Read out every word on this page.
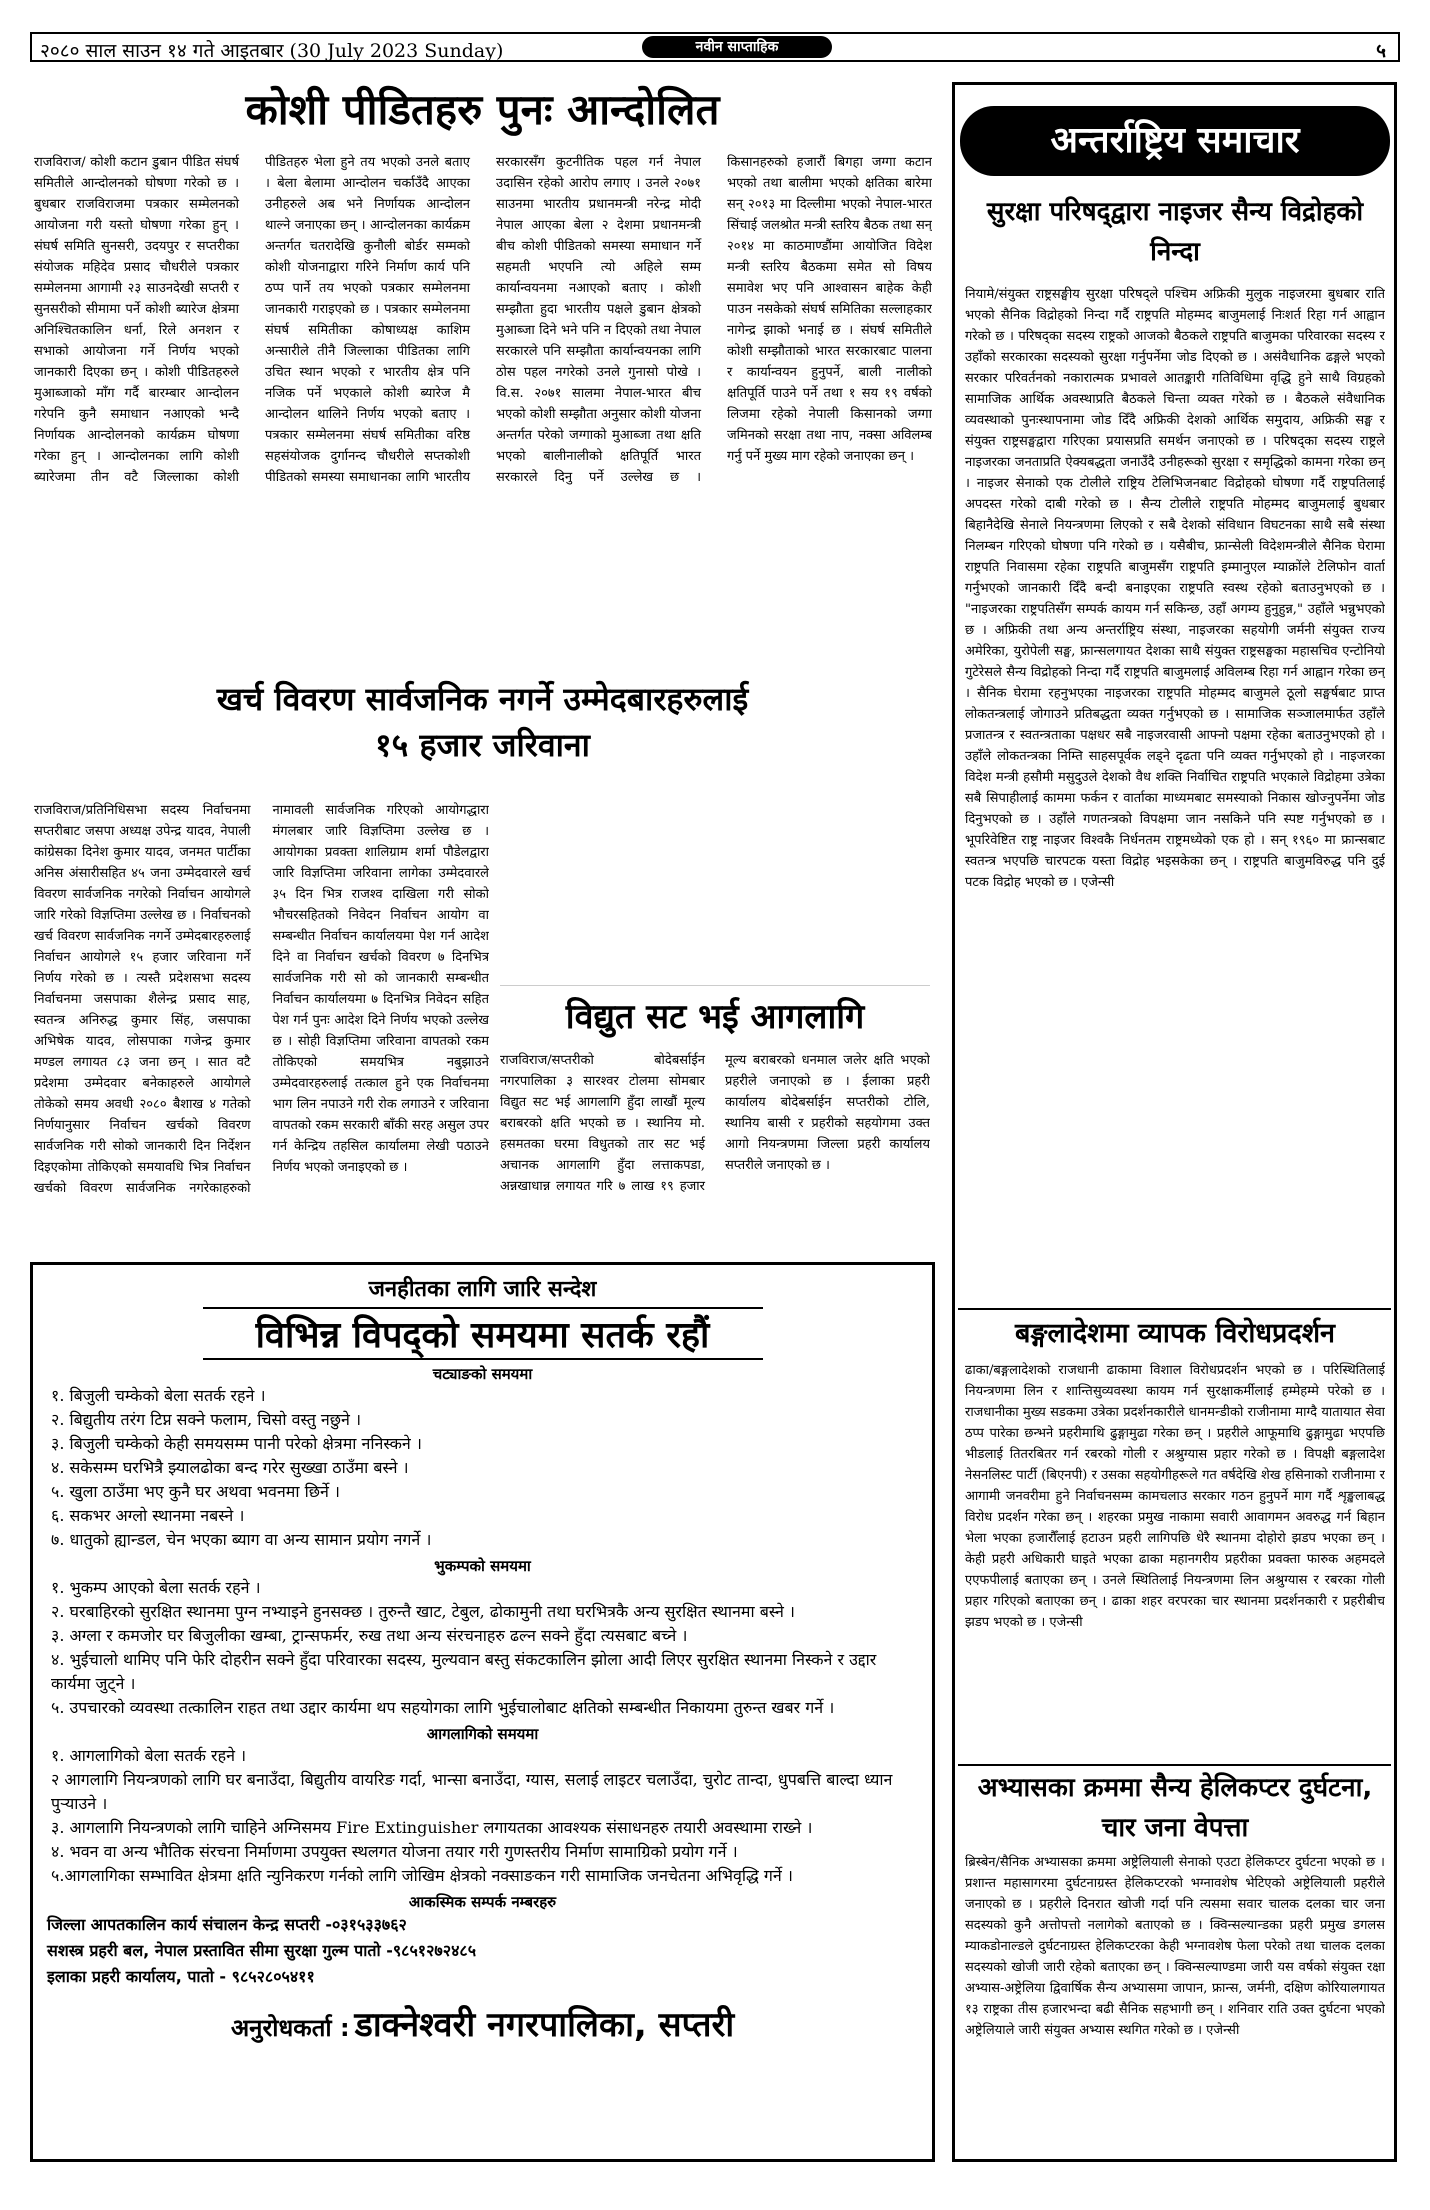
२०८० साल साउन १४ गते आइतबार (30 July 2023 Sunday)	नवीन साप्ताहिक	५
कोशी पीडितहरु पुनः आन्दोलित
राजविराज/ कोशी कटान डुबान पीडित संघर्ष समितीले आन्दोलनको घोषणा गरेको छ । बुधबार राजविराजमा पत्रकार सम्मेलनको आयोजना गरी यस्तो घोषणा गरेका हुन् । संघर्ष समिति सुनसरी, उदयपुर र सप्तरीका संयोजक महिदेव प्रसाद चौधरीले पत्रकार सम्मेलनमा आगामी २३ साउनदेखी सप्तरी र सुनसरीको सीमामा पर्ने कोशी ब्यारेज क्षेत्रमा अनिश्चितकालिन धर्ना, रिले अनशन र सभाको आयोजना गर्ने निर्णय भएको जानकारी दिएका छन् । कोशी पीडितहरुले मुआब्जाको माँग गर्दै बारम्बार आन्दोलन गरेपनि कुनै समाधान नआएको भन्दै निर्णायक आन्दोलनको कार्यक्रम घोषणा गरेका हुन् । आन्दोलनका लागि कोशी ब्यारेजमा तीन वटै जिल्लाका कोशी पीडितहरु भेला हुने तय भएको उनले बताए । बेला बेलामा आन्दोलन चर्काउँदै आएका उनीहरुले अब भने निर्णायक आन्दोलन थाल्ने जनाएका छन् । आन्दोलनका कार्यक्रम अन्तर्गत चतरादेखि कुनौली बोर्डर सम्मको कोशी योजनाद्वारा गरिने निर्माण कार्य पनि ठप्प पार्ने तय भएको पत्रकार सम्मेलनमा जानकारी गराइएको छ । पत्रकार सम्मेलनमा संघर्ष समितीका कोषाध्यक्ष काशिम अन्सारीले तीनै जिल्लाका पीडितका लागि उचित स्थान भएको र भारतीय क्षेत्र पनि नजिक पर्ने भएकाले कोशी ब्यारेज मै आन्दोलन थालिने निर्णय भएको बताए । पत्रकार सम्मेलनमा संघर्ष समितीका वरिष्ठ सहसंयोजक दुर्गानन्द चौधरीले सप्तकोशी पीडितको समस्या समाधानका लागि भारतीय सरकारसँग कुटनीतिक पहल गर्न नेपाल उदासिन रहेको आरोप लगाए । उनले २०७१ साउनमा भारतीय प्रधानमन्त्री नरेन्द्र मोदी नेपाल आएका बेला २ देशमा प्रधानमन्त्री बीच कोशी पीडितको समस्या समाधान गर्ने सहमती भएपनि त्यो अहिले सम्म कार्यान्वयनमा नआएको बताए । कोशी सम्झौता हुदा भारतीय पक्षले डुबान क्षेत्रको मुआब्जा दिने भने पनि न दिएको तथा नेपाल सरकारले पनि सम्झौता कार्यान्वयनका लागि ठोस पहल नगरेको उनले गुनासो पोखे । वि.स. २०७१ सालमा नेपाल-भारत बीच भएको कोशी सम्झौता अनुसार कोशी योजना अन्तर्गत परेको जग्गाको मुआब्जा तथा क्षति भएको बालीनालीको क्षतिपूर्ति भारत सरकारले दिनु पर्ने उल्लेख छ । किसानहरुको हजारौं बिगहा जग्गा कटान भएको तथा बालीमा भएको क्षतिका बारेमा सन् २०१३ मा दिल्लीमा भएको नेपाल-भारत सिंचाई जलश्रोत मन्त्री स्तरिय बैठक तथा सन् २०१४ मा काठमाण्डौंमा आयोजित विदेश मन्त्री स्तरिय बैठकमा समेत सो विषय समावेश भए पनि आश्वासन बाहेक केही पाउन नसकेको संघर्ष समितिका सल्लाहकार नागेन्द्र झाको भनाई छ । संघर्ष समितीले कोशी सम्झौताको भारत सरकारबाट पालना र कार्यान्वयन हुनुपर्ने, बाली नालीको क्षतिपूर्ति पाउने पर्ने तथा १ सय १९ वर्षको लिजमा रहेको नेपाली किसानको जग्गा जमिनको सरक्षा तथा नाप, नक्सा अविलम्ब गर्नु पर्ने मुख्य माग रहेको जनाएका छन् ।
खर्च विवरण सार्वजनिक नगर्ने उम्मेदबारहरुलाई
१५ हजार जरिवाना
राजविराज/प्रतिनिधिसभा सदस्य निर्वाचनमा सप्तरीबाट जसपा अध्यक्ष उपेन्द्र यादव, नेपाली कांग्रेसका दिनेश कुमार यादव, जनमत पार्टीका अनिस अंसारीसहित ४५ जना उम्मेदवारले खर्च विवरण सार्वजनिक नगरेको निर्वाचन आयोगले जारि गरेको विज्ञप्तिमा उल्लेख छ । निर्वाचनको खर्च विवरण सार्वजनिक नगर्ने उम्मेदबारहरुलाई निर्वाचन आयोगले १५ हजार जरिवाना गर्ने निर्णय गरेको छ । त्यस्तै प्रदेशसभा सदस्य निर्वाचनमा जसपाका शैलेन्द्र प्रसाद साह, स्वतन्त्र अनिरुद्ध कुमार सिंह, जसपाका अभिषेक यादव, लोसपाका गजेन्द्र कुमार मण्डल लगायत ८३ जना छन् । सात वटै प्रदेशमा उम्मेदवार बनेकाहरुले आयोगले तोकेको समय अवधी २०८० बैशाख ४ गतेको निर्णयानुसार निर्वाचन खर्चको विवरण सार्वजनिक गरी सोको जानकारी दिन निर्देशन दिइएकोमा तोकिएको समयावधि भित्र निर्वाचन खर्चको विवरण सार्वजनिक नगरेकाहरुको नामावली सार्वजनिक गरिएको आयोगद्धारा मंगलबार जारि विज्ञप्तिमा उल्लेख छ । आयोगका प्रवक्ता शालिग्राम शर्मा पौडेलद्वारा जारि विज्ञप्तिमा जरिवाना लागेका उम्मेदवारले ३५ दिन भित्र राजश्व दाखिला गरी सोको भौचरसहितको निवेदन निर्वाचन आयोग वा सम्बन्धीत निर्वाचन कार्यालयमा पेश गर्न आदेश दिने वा निर्वाचन खर्चको विवरण ७ दिनभित्र सार्वजनिक गरी सो को जानकारी सम्बन्धीत निर्वाचन कार्यालयमा ७ दिनभित्र निवेदन सहित पेश गर्न पुनः आदेश दिने निर्णय भएको उल्लेख छ । सोही विज्ञप्तिमा जरिवाना वापतको रकम तोकिएको समयभित्र नबुझाउने उम्मेदवारहरुलाई तत्काल हुने एक निर्वाचनमा भाग लिन नपाउने गरी रोक लगाउने र जरिवाना वापतको रकम सरकारी बाँकी सरह असुल उपर गर्न केन्द्रिय तहसिल कार्यालमा लेखी पठाउने निर्णय भएको जनाइएको छ ।
विद्युत सट भई आगलागि
राजविराज/सप्तरीको बोदेबर्साईन नगरपालिका ३ सारश्वर टोलमा सोमबार विद्युत सट भई आगलागि हुँदा लाखौं मूल्य बराबरको क्षति भएको छ । स्थानिय मो. हसमतका घरमा विधुतको तार सट भई अचानक आगलागि हुँदा लत्ताकपडा, अन्नखाधान्न लगायत गरि ७ लाख १९ हजार मूल्य बराबरको धनमाल जलेर क्षति भएको प्रहरीले जनाएको छ । ईलाका प्रहरी कार्यालय बोदेबर्साईन सप्तरीको टोलि, स्थानिय बासी र प्रहरीको सहयोगमा उक्त आगो नियन्त्रणमा जिल्ला प्रहरी कार्यालय सप्तरीले जनाएको छ ।
जनहीतका लागि जारि सन्देश
विभिन्न विपद्को समयमा सतर्क रहौं
चट्याङको समयमा
१. बिजुली चम्केको बेला सतर्क रहने ।
२. बिद्युतीय तरंग टिप्न सक्ने फलाम, चिसो वस्तु नछुने ।
३. बिजुली चम्केको केही समयसम्म पानी परेको क्षेत्रमा ननिस्कने ।
४. सकेसम्म घरभित्रै झ्यालढोका बन्द गरेर सुख्खा ठाउँमा बस्ने ।
५. खुला ठाउँमा भए कुनै घर अथवा भवनमा छिर्ने ।
६. सकभर अग्लो स्थानमा नबस्ने ।
७. धातुको ह्यान्डल, चेन भएका ब्याग वा अन्य सामान प्रयोग नगर्ने ।
भुकम्पको समयमा
१. भुकम्प आएको बेला सतर्क रहने ।
२. घरबाहिरको सुरक्षित स्थानमा पुग्न नभ्याइने हुनसक्छ । तुरुन्तै खाट, टेबुल, ढोकामुनी तथा घरभित्रकै अन्य सुरक्षित स्थानमा बस्ने ।
३. अग्ला र कमजोर घर बिजुलीका खम्बा, ट्रान्सफर्मर, रुख तथा अन्य संरचनाहरु ढल्न सक्ने हुँदा त्यसबाट बच्ने ।
४. भुईचालो थामिए पनि फेरि दोहरीन सक्ने हुँदा परिवारका सदस्य, मुल्यवान बस्तु संकटकालिन झोला आदी लिएर सुरक्षित स्थानमा निस्कने र उद्दार कार्यमा जुट्ने ।
५. उपचारको व्यवस्था तत्कालिन राहत तथा उद्दार कार्यमा थप सहयोगका लागि भुईचालोबाट क्षतिको सम्बन्धीत निकायमा तुरुन्त खबर गर्ने ।
आगलागिको समयमा
१. आगलागिको बेला सतर्क रहने ।
२ आगलागि नियन्त्रणको लागि घर बनाउँदा, बिद्युतीय वायरिङ गर्दा, भान्सा बनाउँदा, ग्यास, सलाई लाइटर चलाउँदा, चुरोट तान्दा, धुपबत्ति बाल्दा ध्यान पुऱ्याउने ।
३. आगलागि नियन्त्रणको लागि चाहिने अग्निसमय Fire Extinguisher लगायतका आवश्यक संसाधनहरु तयारी अवस्थामा राख्ने ।
४. भवन वा अन्य भौतिक संरचना निर्माणमा उपयुक्त स्थलगत योजना तयार गरी गुणस्तरीय निर्माण सामाग्रिको प्रयोग गर्ने ।
५.आगलागिका सम्भावित क्षेत्रमा क्षति न्युनिकरण गर्नको लागि जोखिम क्षेत्रको नक्साङकन गरी सामाजिक जनचेतना अभिवृद्धि गर्ने ।
आकस्मिक सम्पर्क नम्बरहरु
जिल्ला आपतकालिन कार्य संचालन केन्द्र सप्तरी -०३१५३३७६२
सशस्त्र प्रहरी बल, नेपाल प्रस्तावित सीमा सुरक्षा गुल्म पातो -९८५१२७२४८५
इलाका प्रहरी कार्यालय, पातो - ९८५२८०५४११
अनुरोधकर्ता : डाक्नेश्वरी नगरपालिका, सप्तरी
अन्तर्राष्ट्रिय समाचार
सुरक्षा परिषद्‌द्वारा नाइजर सैन्य विद्रोहको निन्दा
नियामे/संयुक्त राष्ट्रसङ्घीय सुरक्षा परिषद्ले पश्चिम अफ्रिकी मुलुक नाइजरमा बुधबार राति भएको सैनिक विद्रोहको निन्दा गर्दै राष्ट्रपति मोहम्मद बाजुमलाई निःशर्त रिहा गर्न आह्वान गरेको छ । परिषद्का सदस्य राष्ट्रको आजको बैठकले राष्ट्रपति बाजुमका परिवारका सदस्य र उहाँको सरकारका सदस्यको सुरक्षा गर्नुपर्नेमा जोड दिएको छ । असंवैधानिक ढङ्गले भएको सरकार परिवर्तनको नकारात्मक प्रभावले आतङ्कारी गतिविधिमा वृद्धि हुने साथै विग्रहको सामाजिक आर्थिक अवस्थाप्रति बैठकले चिन्ता व्यक्त गरेको छ । बैठकले संवैधानिक व्यवस्थाको पुनःस्थापनामा जोड दिँदै अफ्रिकी देशको आर्थिक समुदाय, अफ्रिकी सङ्घ र संयुक्त राष्ट्रसङ्घद्वारा गरिएका प्रयासप्रति समर्थन जनाएको छ । परिषद्का सदस्य राष्ट्रले नाइजरका जनताप्रति ऐक्यबद्धता जनाउँदै उनीहरूको सुरक्षा र समृद्धिको कामना गरेका छन् । नाइजर सेनाको एक टोलीले राष्ट्रिय टेलिभिजनबाट विद्रोहको घोषणा गर्दै राष्ट्रपतिलाई अपदस्त गरेको दाबी गरेको छ । सैन्य टोलीले राष्ट्रपति मोहम्मद बाजुमलाई बुधबार बिहानैदेखि सेनाले नियन्त्रणमा लिएको र सबै देशको संविधान विघटनका साथै सबै संस्था निलम्बन गरिएको घोषणा पनि गरेको छ । यसैबीच, फ्रान्सेली विदेशमन्त्रीले सैनिक घेरामा राष्ट्रपति निवासमा रहेका राष्ट्रपति बाजुमसँग राष्ट्रपति इम्मानुएल म्याक्रोंले टेलिफोन वार्ता गर्नुभएको जानकारी दिँदै बन्दी बनाइएका राष्ट्रपति स्वस्थ रहेको बताउनुभएको छ । "नाइजरका राष्ट्रपतिसँग सम्पर्क कायम गर्न सकिन्छ, उहाँ अगम्य हुनुहुन्न," उहाँले भन्नुभएको छ । अफ्रिकी तथा अन्य अन्तर्राष्ट्रिय संस्था, नाइजरका सहयोगी जर्मनी संयुक्त राज्य अमेरिका, युरोपेली सङ्घ, फ्रान्सलगायत देशका साथै संयुक्त राष्ट्रसङ्घका महासचिव एन्टोनियो गुटेरेसले सैन्य विद्रोहको निन्दा गर्दै राष्ट्रपति बाजुमलाई अविलम्ब रिहा गर्न आह्वान गरेका छन् । सैनिक घेरामा रहनुभएका नाइजरका राष्ट्रपति मोहम्मद बाजुमले ठूलो सङ्घर्षबाट प्राप्त लोकतन्त्रलाई जोगाउने प्रतिबद्धता व्यक्त गर्नुभएको छ । सामाजिक सञ्जालमार्फत उहाँले प्रजातन्त्र र स्वतन्त्रताका पक्षधर सबै नाइजरवासी आफ्नो पक्षमा रहेका बताउनुभएको हो । उहाँले लोकतन्त्रका निम्ति साहसपूर्वक लड्ने दृढता पनि व्यक्त गर्नुभएको हो । नाइजरका विदेश मन्त्री हसौमी मसुदुउले देशको वैध शक्ति निर्वाचित राष्ट्रपति भएकाले विद्रोहमा उत्रेका सबै सिपाहीलाई काममा फर्कन र वार्ताका माध्यमबाट समस्याको निकास खोज्नुपर्नेमा जोड दिनुभएको छ । उहाँले गणतन्त्रको विपक्षमा जान नसकिने पनि स्पष्ट गर्नुभएको छ । भूपरिवेष्टित राष्ट्र नाइजर विश्वकै निर्धनतम राष्ट्रमध्येको एक हो । सन् १९६० मा फ्रान्सबाट स्वतन्त्र भएपछि चारपटक यस्ता विद्रोह भइसकेका छन् । राष्ट्रपति बाजुमविरुद्ध पनि दुई पटक विद्रोह भएको छ । एजेन्सी
बङ्गलादेशमा व्यापक विरोधप्रदर्शन
ढाका/बङ्गलादेशको राजधानी ढाकामा विशाल विरोधप्रदर्शन भएको छ । परिस्थितिलाई नियन्त्रणमा लिन र शान्तिसुव्यवस्था कायम गर्न सुरक्षाकर्मीलाई हम्मेहम्मे परेको छ । राजधानीका मुख्य सडकमा उत्रेका प्रदर्शनकारीले धानमन्डीको राजीनामा माग्दै यातायात सेवा ठप्प पारेका छन्भने प्रहरीमाथि ढुङ्गामुढा गरेका छन् । प्रहरीले आफूमाथि ढुङ्गामुढा भएपछि भीडलाई तितरबितर गर्न रबरको गोली र अश्रुग्यास प्रहार गरेको छ । विपक्षी बङ्गलादेश नेसनलिस्ट पार्टी (बिएनपी) र उसका सहयोगीहरूले गत वर्षदेखि शेख हसिनाको राजीनामा र आगामी जनवरीमा हुने निर्वाचनसम्म कामचलाउ सरकार गठन हुनुपर्ने माग गर्दै शृङ्खलाबद्ध विरोध प्रदर्शन गरेका छन् । शहरका प्रमुख नाकामा सवारी आवागमन अवरुद्ध गर्न बिहान भेला भएका हजारौँलाई हटाउन प्रहरी लागिपछि धेरै स्थानमा दोहोरो झडप भएका छन् । केही प्रहरी अधिकारी घाइते भएका ढाका महानगरीय प्रहरीका प्रवक्ता फारुक अहमदले एएफपीलाई बताएका छन् । उनले स्थितिलाई नियन्त्रणमा लिन अश्रुग्यास र रबरका गोली प्रहार गरिएको बताएका छन् । ढाका शहर वरपरका चार स्थानमा प्रदर्शनकारी र प्रहरीबीच झडप भएको छ । एजेन्सी
अभ्यासका क्रममा सैन्य हेलिकप्टर दुर्घटना, चार जना वेपत्ता
ब्रिस्बेन/सैनिक अभ्यासका क्रममा अष्ट्रेलियाली सेनाको एउटा हेलिकप्टर दुर्घटना भएको छ । प्रशान्त महासागरमा दुर्घटनाग्रस्त हेलिकप्टरको भग्नावशेष भेटिएको अष्ट्रेलियाली प्रहरीले जनाएको छ । प्रहरीले दिनरात खोजी गर्दा पनि त्यसमा सवार चालक दलका चार जना सदस्यको कुनै अत्तोपत्तो नलागेको बताएको छ । क्विन्सल्यान्डका प्रहरी प्रमुख डगलस म्याकडोनाल्डले दुर्घटनाग्रस्त हेलिकप्टरका केही भग्नावशेष फेला परेको तथा चालक दलका सदस्यको खोजी जारी रहेको बताएका छन् । क्विन्सल्याण्डमा जारी यस वर्षको संयुक्त रक्षा अभ्यास-अष्ट्रेलिया द्विवार्षिक सैन्य अभ्यासमा जापान, फ्रान्स, जर्मनी, दक्षिण कोरियालगायत १३ राष्ट्रका तीस हजारभन्दा बढी सैनिक सहभागी छन् । शनिवार राति उक्त दुर्घटना भएको अष्ट्रेलियाले जारी संयुक्त अभ्यास स्थगित गरेको छ । एजेन्सी
